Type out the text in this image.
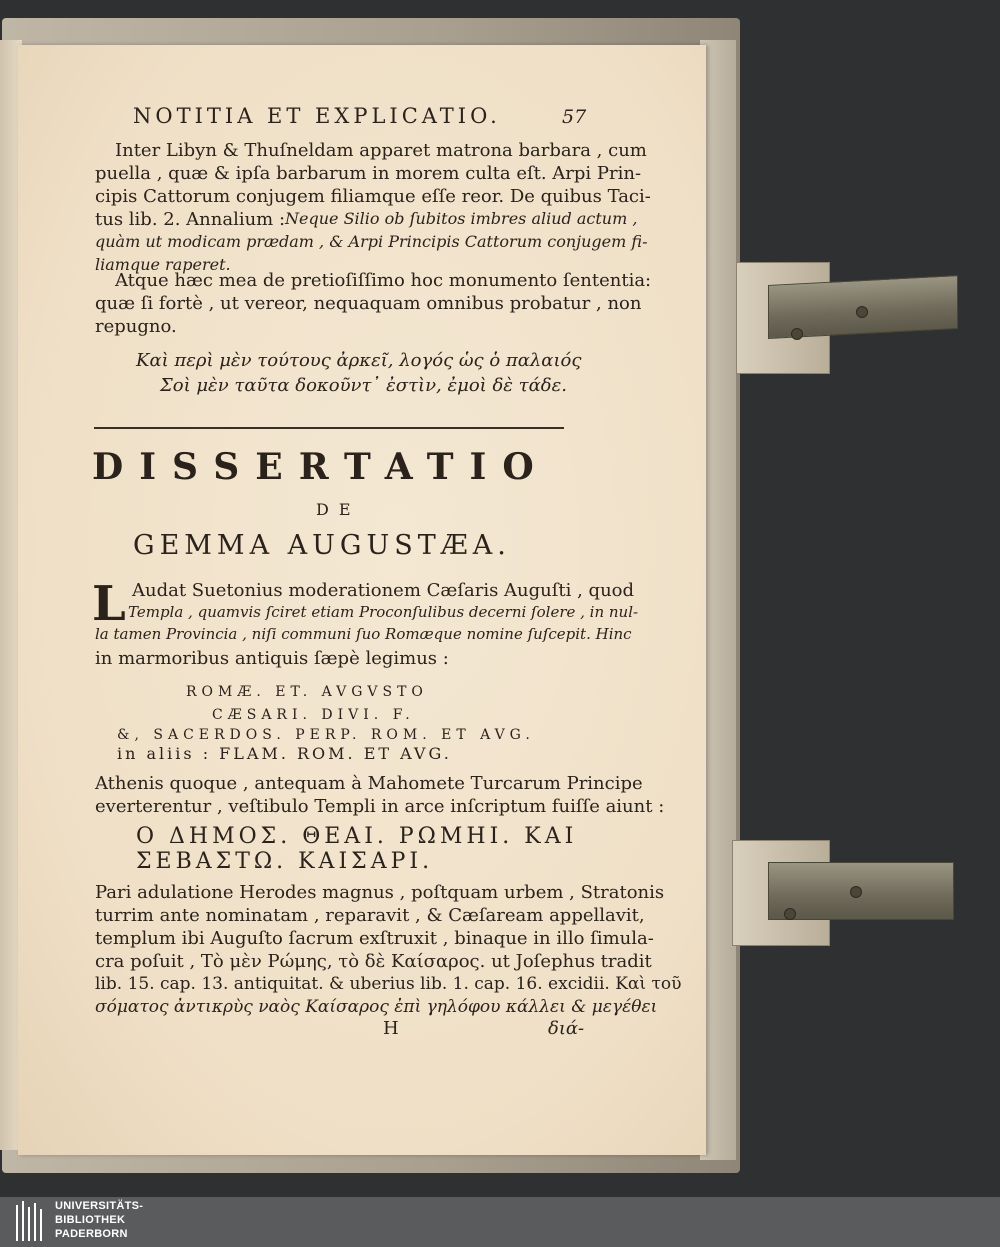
NOTITIA ET EXPLICATIO.	57
Inter Libyn & Thuſneldam apparet matrona barbara , cum
puella , quæ & ipſa barbarum in morem culta eſt. Arpi Prin-
cipis Cattorum conjugem filiamque eſſe reor. De quibus Taci-
tus lib. 2. Annalium : Neque Silio ob ſubitos imbres aliud actum ,
quàm ut modicam prædam , & Arpi Principis Cattorum conjugem fi-
liamque raperet.
Atque hæc mea de pretioſiſſimo hoc monumento ſententia:
quæ ſi fortè , ut vereor, nequaquam omnibus probatur , non
repugno.
Καὶ περὶ μὲν τούτους ἀρκεῖ, λογός ὡς ὁ παλαιός
Σοὶ μὲν ταῦτα δοκοῦντ᾽ ἐστὶν, ἐμοὶ δὲ τάδε.
DISSERTATIO
DE
GEMMA AUGUSTÆA.
L Audat Suetonius moderationem Cæſaris Auguſti , quod
Templa , quamvis ſciret etiam Proconſulibus decerni ſolere , in nul-
la tamen Provincia , niſi communi ſuo Romæque nomine ſuſcepit. Hinc
in marmoribus antiquis ſæpè legimus :
ROMÆ. ET. AVGVSTO
CÆSARI. DIVI. F.
&, SACERDOS. PERP. ROM. ET AVG.
in aliis : FLAM. ROM. ET AVG.
Athenis quoque , antequam à Mahomete Turcarum Principe
everterentur , veſtibulo Templi in arce inſcriptum fuiſſe aiunt :
Ο ΔΗΜΟΣ. ΘΕΑΙ. ΡΩΜΗΙ. ΚΑΙ
ΣΕΒΑΣΤΩ. ΚΑΙΣΑΡΙ.
Pari adulatione Herodes magnus , poſtquam urbem , Stratonis
turrim ante nominatam , reparavit , & Cæſaream appellavit,
templum ibi Auguſto ſacrum exſtruxit , binaque in illo ſimula-
cra poſuit , Τὸ μὲν Ρώμης, τὸ δὲ Καίσαρος. ut Joſephus tradit
lib. 15. cap. 13. antiquitat. & uberius lib. 1. cap. 16. excidii. Καὶ τοῦ
σόματος ἀντικρὺς ναὸς Καίσαρος ἐπὶ γηλόφου κάλλει & μεγέθει
H	διά-
UNIVERSITÄTS-
BIBLIOTHEK
PADERBORN
